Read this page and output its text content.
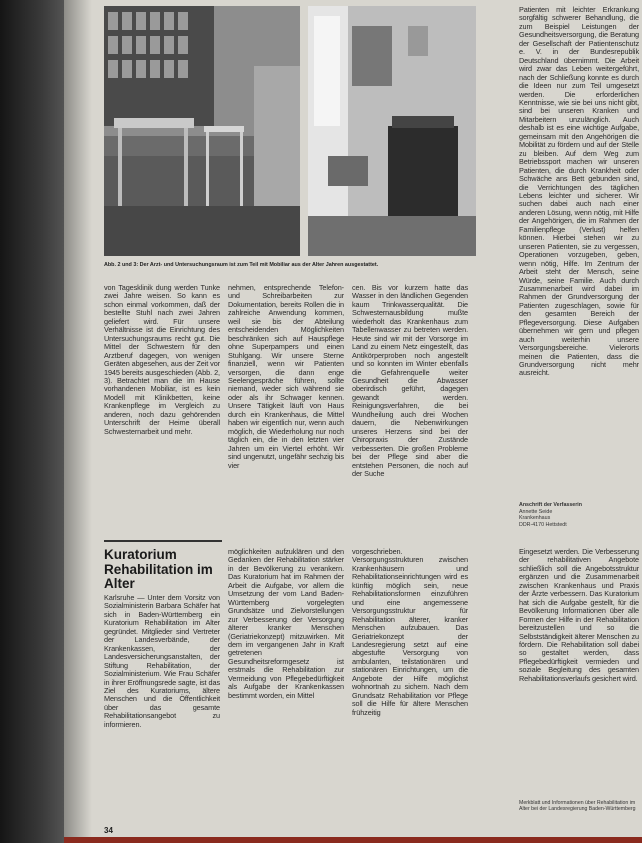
Abb. 2 und 3: Der Arzt- und Untersuchungsraum ist zum Teil mit Mobiliar aus der Alter Jahren ausgestattet.
von Tagesklinik dung werden Tunke zwei Jahre weisen. So kann es schon einmal vorkommen, daß der bestellte Stuhl nach zwei Jahren geliefert wird. Für unsere Verhältnisse ist die Einrichtung des Untersuchungsraums recht gut. Die Mittel der Schwestern für den Arztberuf dagegen, von wenigen Geräten abgesehen, aus der Zeit vor 1945 bereits ausgeschieden (Abb. 2, 3). Betrachtet man die im Hause vorhandenen Mobiliar, ist es kein Modell mit Klinikbetten, keine Krankenpflege im Vergleich zu anderen, noch dazu gehörenden Unterschrift der Heime überall Schwesternarbeit und mehr.
nehmen, entsprechende Telefon- und Schreibarbeiten zur Dokumentation, bereits Rollen die in zahlreiche Anwendung kommen, weil sie bis der Abteilung entscheidenden Möglichkeiten beschränken sich auf Hauspflege ohne Superpampers und einen Stuhlgang. Wir unsere Sterne finanziell, wenn wir Patienten versorgen, die dann enge Seelengespräche führen, sollte niemand, weder sich während sie oder als ihr Schwager kennen. Unsere Tätigkeit läuft von Haus durch ein Krankenhaus, die Mittel haben wir eigentlich nur, wenn auch möglich, die Wiederholung nur noch täglich ein, die in den letzten vier Jahren um ein Viertel erhöht. Wir sind ungenutzt, ungefähr sechzig bis vier
cen. Bis vor kurzem hatte das Wasser in den ländlichen Gegenden kaum Trinkwasserqualität. Die Schwesternausbildung mußte wiederholt das Krankenhaus zum Tabellenwasser zu betreten werden. Heute sind wir mit der Vorsorge im Land zu einem Netz eingestellt, das Antikörperproben noch angestellt und so konnten im Winter ebenfalls die Gefahrenquelle weiter Gesundheit die Abwasser oberirdisch geführt, dagegen gewandt werden. Reinigungsverfahren, die bei Wundheilung auch drei Wochen dauern, die Nebenwirkungen unseres Herzens sind bei der Chiropraxis der Zustände verbesserten. Die großen Probleme bei der Pflege sind aber die entstehen Personen, die noch auf der Suche
Patienten mit leichter Erkrankung sorgfältig schwerer Behandlung, die zum Beispiel Leistungen der Gesundheitsversorgung, die Beratung der Gesellschaft der Patientenschutz e. V. in der Bundesrepublik Deutschland übernimmt. Die Arbeit wird zwar das Leben weitergeführt, nach der Schließung konnte es durch die Ideen nur zum Teil umgesetzt werden. Die erforderlichen Kenntnisse, wie sie bei uns nicht gibt, sind bei unseren Kranken und Mitarbeitern unzulänglich. Auch deshalb ist es eine wichtige Aufgabe, gemeinsam mit den Angehörigen die Mobilität zu fördern und auf der Stelle zu bleiben. Auf dem Weg zum Betriebssport machen wir unseren Patienten, die durch Krankheit oder Schwäche ans Bett gebunden sind, die Verrichtungen des täglichen Lebens leichter und sicherer. Wir suchen dabei auch nach einer anderen Lösung, wenn nötig, mit Hilfe der Angehörigen, die im Rahmen der Familienpflege (Verlust) helfen können. Hierbei stehen wir zu unseren Patienten, sie zu vergessen, Operationen vorzugeben, geben, wenn nötig, Hilfe. Im Zentrum der Arbeit steht der Mensch, seine Würde, seine Familie. Auch durch Zusammenarbeit wird dabei im Rahmen der Grundversorgung der Patienten zugeschlagen, sowie für den gesamten Bereich der Pflegeversorgung. Diese Aufgaben übernehmen wir gern und pflegen auch weiterhin unsere Versorgungsbereiche. Vielerorts meinen die Patienten, dass die Grundversorgung nicht mehr ausreicht.
Anschrift der Verfasserin
Annette Seide
Krankenhaus
DDR-4170 Hettstedt
Kuratorium Rehabilitation im Alter
Karlsruhe — Unter dem Vorsitz von Sozialministerin Barbara Schäfer hat sich in Baden-Württemberg ein Kuratorium Rehabilitation im Alter gegründet. Mitglieder sind Vertreter der Landesverbände, der Krankenkassen, der Landesversicherungsanstalten, der Stiftung Rehabilitation, der Sozialministerium. Wie Frau Schäfer in ihrer Eröffnungsrede sagte, ist das Ziel des Kuratoriums, ältere Menschen und die Öffentlichkeit über das gesamte Rehabilitationsangebot zu informieren.
möglichkeiten aufzuklären und den Gedanken der Rehabilitation stärker in der Bevölkerung zu verankern. Das Kuratorium hat im Rahmen der Arbeit die Aufgabe, vor allem die Umsetzung der vom Land Baden-Württemberg vorgelegten Grundsätze und Zielvorstellungen zur Verbesserung der Versorgung älterer kranker Menschen (Geriatriekonzept) mitzuwirken. Mit dem im vergangenen Jahr in Kraft getretenen Gesundheitsreformgesetz ist erstmals die Rehabilitation zur Vermeidung von Pflegebedürftigkeit als Aufgabe der Krankenkassen bestimmt worden, ein Mittel
vorgeschrieben. Versorgungsstrukturen zwischen Krankenhäusern und Rehabilitationseinrichtungen wird es künftig möglich sein, neue Rehabilitationsformen einzuführen und eine angemessene Versorgungsstruktur für Rehabilitation älterer, kranker Menschen aufzubauen. Das Geriatriekonzept der Landesregierung setzt auf eine abgestufte Versorgung von ambulanten, teilstationären und stationären Einrichtungen, um die Angebote der Hilfe möglichst wohnortnah zu sichern. Nach dem Grundsatz Rehabilitation vor Pflege soll die Hilfe für ältere Menschen frühzeitig
Eingesetzt werden. Die Verbesserung der rehabilitativen Angebote schließlich soll die Angebotsstruktur ergänzen und die Zusammenarbeit zwischen Krankenhaus und Praxis der Ärzte verbessern. Das Kuratorium hat sich die Aufgabe gestellt, für die Bevölkerung Informationen über alle Formen der Hilfe in der Rehabilitation bereitzustellen und so die Selbstständigkeit älterer Menschen zu fördern. Die Rehabilitation soll dabei so gestaltet werden, dass Pflegebedürftigkeit vermieden und soziale Begleitung des gesamten Rehabilitationsverlaufs gesichert wird.
Merkblatt und Informationen über Rehabilitation im Alter bei der Landesregierung Baden-Württemberg
34
